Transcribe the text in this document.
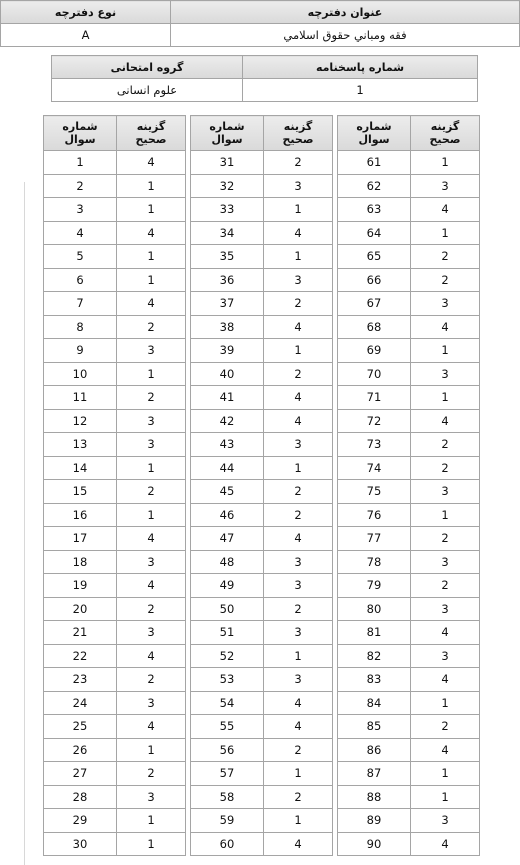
نوع دفترچه	عنوان دفترچه
A	فقه ومباني حقوق اسلامي
گروه امتحانی	شماره پاسخنامه
علوم انسانی	1
شماره
سوال	گزینه
صحیح
1	4
2	1
3	1
4	4
5	1
6	1
7	4
8	2
9	3
10	1
11	2
12	3
13	3
14	1
15	2
16	1
17	4
18	3
19	4
20	2
21	3
22	4
23	2
24	3
25	4
26	1
27	2
28	3
29	1
30	1
شماره
سوال	گزینه
صحیح
31	2
32	3
33	1
34	4
35	1
36	3
37	2
38	4
39	1
40	2
41	4
42	4
43	3
44	1
45	2
46	2
47	4
48	3
49	3
50	2
51	3
52	1
53	3
54	4
55	4
56	2
57	1
58	2
59	1
60	4
شماره
سوال	گزینه
صحیح
61	1
62	3
63	4
64	1
65	2
66	2
67	3
68	4
69	1
70	3
71	1
72	4
73	2
74	2
75	3
76	1
77	2
78	3
79	2
80	3
81	4
82	3
83	4
84	1
85	2
86	4
87	1
88	1
89	3
90	4
